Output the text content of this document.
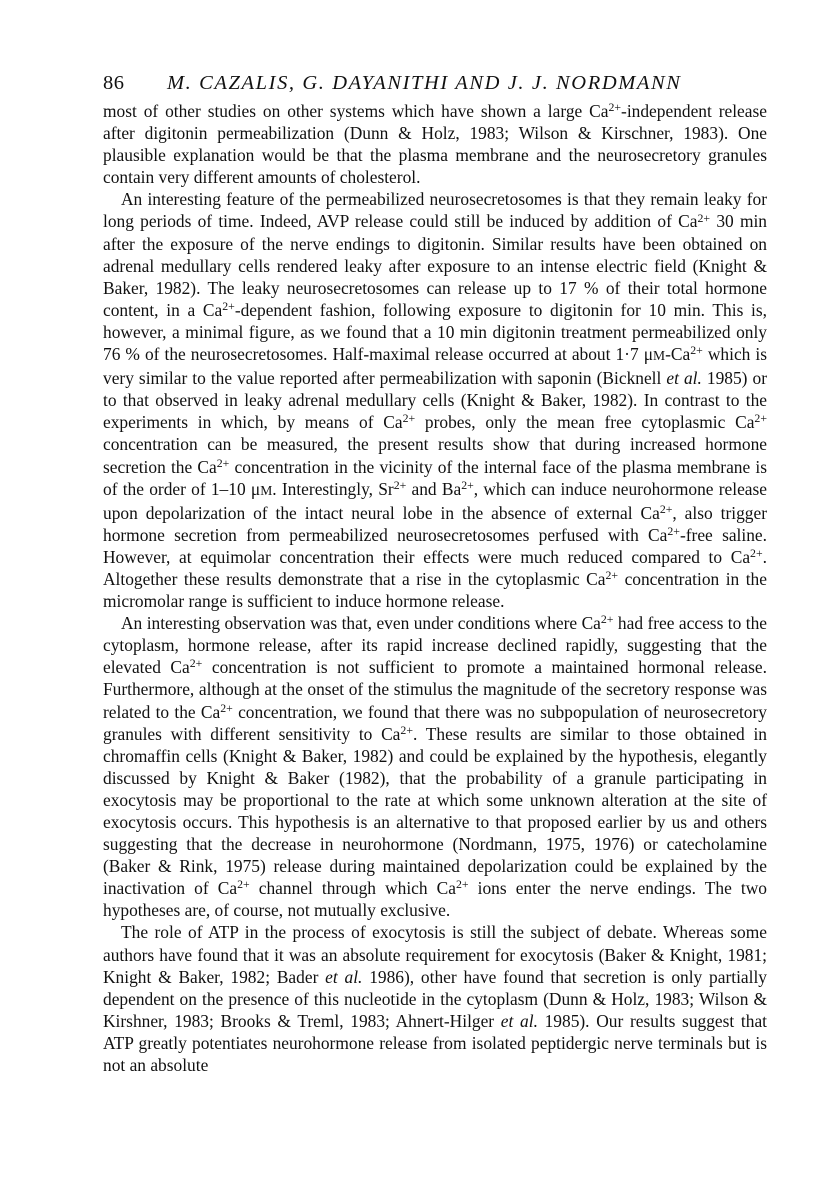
86	M. CAZALIS, G. DAYANITHI AND J. J. NORDMANN

most of other studies on other systems which have shown a large $Ca^{2+}$-independent release after digitonin permeabilization (Dunn & Holz, 1983; Wilson & Kirschner, 1983). One plausible explanation would be that the plasma membrane and the neurosecretory granules contain very different amounts of cholesterol.

An interesting feature of the permeabilized neurosecretosomes is that they remain leaky for long periods of time. Indeed, AVP release could still be induced by addition of $Ca^{2+}$ 30 min after the exposure of the nerve endings to digitonin. Similar results have been obtained on adrenal medullary cells rendered leaky after exposure to an intense electric field (Knight & Baker, 1982). The leaky neurosecretosomes can release up to 17 % of their total hormone content, in a $Ca^{2+}$-dependent fashion, following exposure to digitonin for 10 min. This is, however, a minimal figure, as we found that a 10 min digitonin treatment permeabilized only 76 % of the neurosecretosomes. Half-maximal release occurred at about 1·7 $\mu M-Ca^{2+}$ which is very similar to the value reported after permeabilization with saponin (Bicknell et al. 1985) or to that observed in leaky adrenal medullary cells (Knight & Baker, 1982). In contrast to the experiments in which, by means of $Ca^{2+}$ probes, only the mean free cytoplasmic $Ca^{2+}$ concentration can be measured, the present results show that during increased hormone secretion the $Ca^{2+}$ concentration in the vicinity of the internal face of the plasma membrane is of the order of 1–10 μM. Interestingly, $Sr^{2+}$ and $Ba^{2+}$, which can induce neurohormone release upon depolarization of the intact neural lobe in the absence of external $Ca^{2+}$, also trigger hormone secretion from permeabilized neurosecretosomes perfused with $Ca^{2+}$-free saline. However, at equimolar concentration their effects were much reduced compared to $Ca^{2+}$. Altogether these results demonstrate that a rise in the cytoplasmic $Ca^{2+}$ concentration in the micromolar range is sufficient to induce hormone release.

An interesting observation was that, even under conditions where $Ca^{2+}$ had free access to the cytoplasm, hormone release, after its rapid increase declined rapidly, suggesting that the elevated $Ca^{2+}$ concentration is not sufficient to promote a maintained hormonal release. Furthermore, although at the onset of the stimulus the magnitude of the secretory response was related to the $Ca^{2+}$ concentration, we found that there was no subpopulation of neurosecretory granules with different sensitivity to $Ca^{2+}$. These results are similar to those obtained in chromaffin cells (Knight & Baker, 1982) and could be explained by the hypothesis, elegantly discussed by Knight & Baker (1982), that the probability of a granule participating in exocytosis may be proportional to the rate at which some unknown alteration at the site of exocytosis occurs. This hypothesis is an alternative to that proposed earlier by us and others suggesting that the decrease in neurohormone (Nordmann, 1975, 1976) or catecholamine (Baker & Rink, 1975) release during maintained depolarization could be explained by the inactivation of $Ca^{2+}$ channel through which $Ca^{2+}$ ions enter the nerve endings. The two hypotheses are, of course, not mutually exclusive.

The role of ATP in the process of exocytosis is still the subject of debate. Whereas some authors have found that it was an absolute requirement for exocytosis (Baker & Knight, 1981; Knight & Baker, 1982; Bader et al. 1986), other have found that secretion is only partially dependent on the presence of this nucleotide in the cytoplasm (Dunn & Holz, 1983; Wilson & Kirshner, 1983; Brooks & Treml, 1983; Ahnert-Hilger et al. 1985). Our results suggest that ATP greatly potentiates neurohormone release from isolated peptidergic nerve terminals but is not an absolute
